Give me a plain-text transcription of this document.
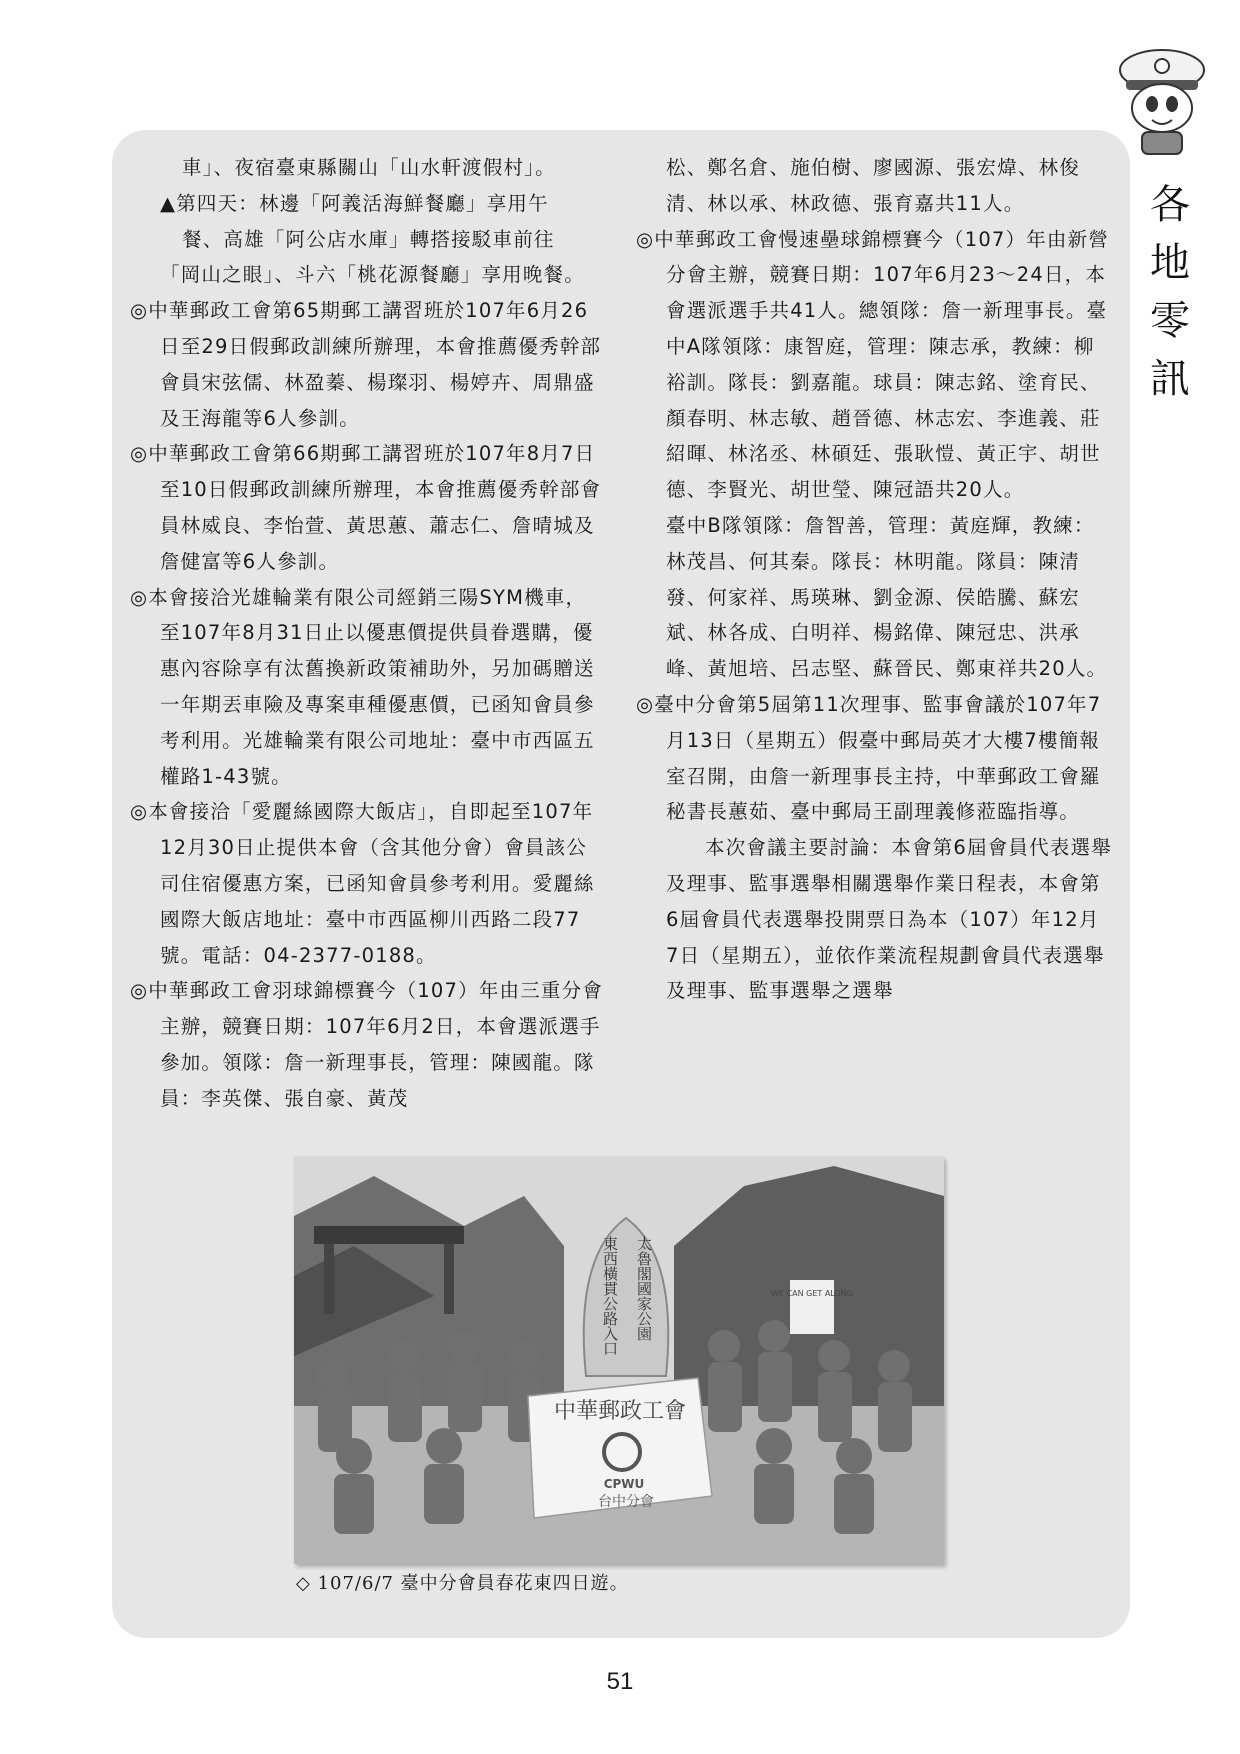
各
地
零
訊

車」、夜宿臺東縣關山「山水軒渡假村」。

▲第四天：林邊「阿義活海鮮餐廳」享用午

餐、高雄「阿公店水庫」轉搭接駁車前往

「岡山之眼」、斗六「桃花源餐廳」享用晚餐。

◎中華郵政工會第65期郵工講習班於107年6月26日至29日假郵政訓練所辦理，本會推薦優秀幹部會員宋弦儒、林盈蓁、楊璨羽、楊婷卉、周鼎盛及王海龍等6人參訓。

◎中華郵政工會第66期郵工講習班於107年8月7日至10日假郵政訓練所辦理，本會推薦優秀幹部會員林威良、李怡萱、黃思蕙、蕭志仁、詹晴城及詹健富等6人參訓。

◎本會接洽光雄輪業有限公司經銷三陽SYM機車，至107年8月31日止以優惠價提供員眷選購，優惠內容除享有汰舊換新政策補助外，另加碼贈送一年期丟車險及專案車種優惠價，已函知會員參考利用。光雄輪業有限公司地址：臺中市西區五權路1-43號。

◎本會接洽「愛麗絲國際大飯店」，自即起至107年12月30日止提供本會（含其他分會）會員該公司住宿優惠方案，已函知會員參考利用。愛麗絲國際大飯店地址：臺中市西區柳川西路二段77號。電話：04-2377-0188。

◎中華郵政工會羽球錦標賽今（107）年由三重分會主辦，競賽日期：107年6月2日，本會選派選手參加。領隊：詹一新理事長，管理：陳國龍。隊員：李英傑、張自豪、黃茂

松、鄭名倉、施伯樹、廖國源、張宏煒、林俊清、林以承、林政德、張育嘉共11人。

◎中華郵政工會慢速壘球錦標賽今（107）年由新營分會主辦，競賽日期：107年6月23～24日，本會選派選手共41人。總領隊：詹一新理事長。臺中A隊領隊：康智庭，管理：陳志承，教練：柳裕訓。隊長：劉嘉龍。球員：陳志銘、塗育民、顏春明、林志敏、趙晉德、林志宏、李進義、莊紹暉、林洺丞、林碩廷、張耿愷、黃正宇、胡世德、李賢光、胡世瑩、陳冠語共20人。

臺中B隊領隊：詹智善，管理：黃庭輝，教練：林茂昌、何其秦。隊長：林明龍。隊員：陳清發、何家祥、馬瑛琳、劉金源、侯皓騰、蘇宏斌、林各成、白明祥、楊銘偉、陳冠忠、洪承峰、黃旭培、呂志堅、蘇晉民、鄭東祥共20人。

◎臺中分會第5屆第11次理事、監事會議於107年7月13日（星期五）假臺中郵局英才大樓7樓簡報室召開，由詹一新理事長主持，中華郵政工會羅秘書長蕙茹、臺中郵局王副理義修蒞臨指導。

本次會議主要討論：本會第6屆會員代表選舉及理事、監事選舉相關選舉作業日程表，本會第6屆會員代表選舉投開票日為本（107）年12月7日（星期五），並依作業流程規劃會員代表選舉及理事、監事選舉之選舉

太魯閣國家公園
東西橫貫公路入口	WE CAN GET ALONG
中華郵政工會
CPWU
台中分會
◇ 107/6/7 臺中分會員春花東四日遊。
51
